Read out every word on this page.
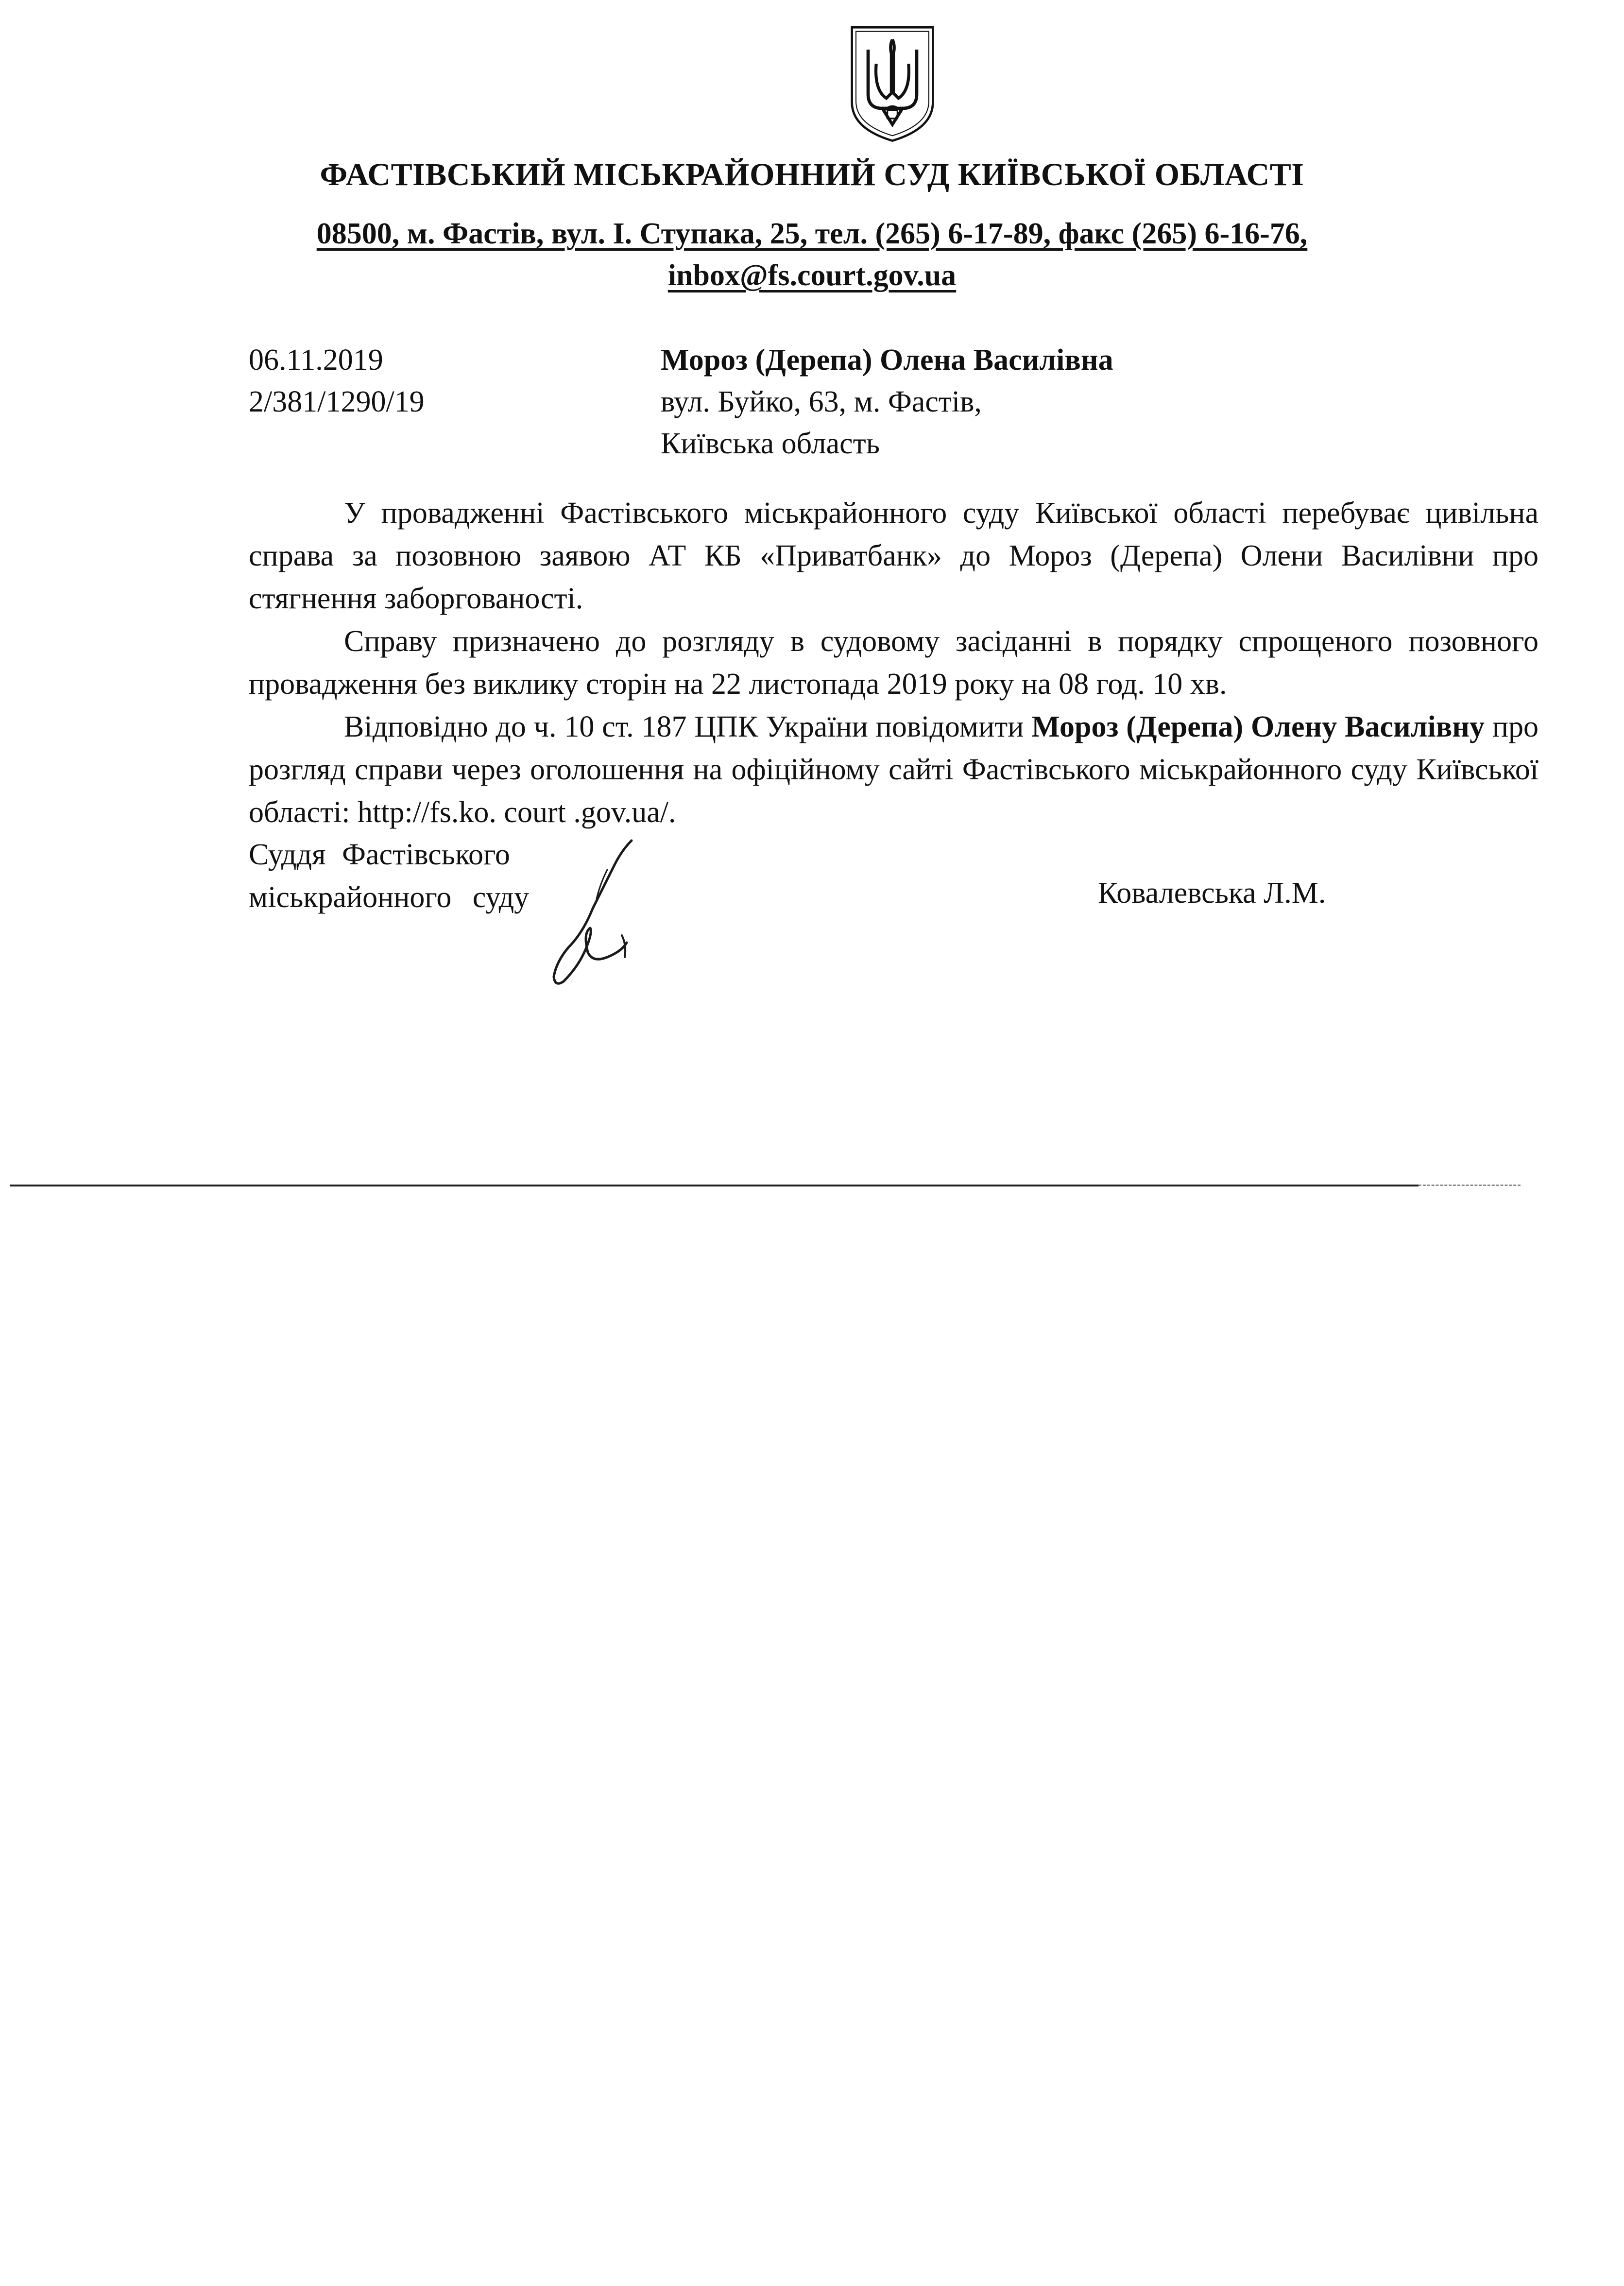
ФАСТІВСЬКИЙ МІСЬКРАЙОННИЙ СУД КИЇВСЬКОЇ ОБЛАСТІ
08500, м. Фастів, вул. І. Ступака, 25, тел. (265) 6-17-89, факс (265) 6-16-76,
inbox@fs.court.gov.ua
06.11.2019
2/381/1290/19
Мороз (Дерепа) Олена Василівна
вул. Буйко, 63, м. Фастів,
Київська область

У провадженні Фастівського міськрайонного суду Київської області перебуває цивільна справа за позовною заявою АТ КБ «Приватбанк» до Мороз (Дерепа) Олени Василівни про стягнення заборгованості.

Справу призначено до розгляду в судовому засіданні в порядку спрощеного позовного провадження без виклику сторін на 22 листопада 2019 року на 08 год. 10 хв.

Відповідно до ч. 10 ст. 187 ЦПК України повідомити Мороз (Дерепа) Олену Василівну про розгляд справи через оголошення на офіційному сайті Фастівського міськрайонного суду Київської області: http://fs.ko. court .gov.ua/.

Суддя Фастівського
міськрайонного суду	Ковалевська Л.М.
